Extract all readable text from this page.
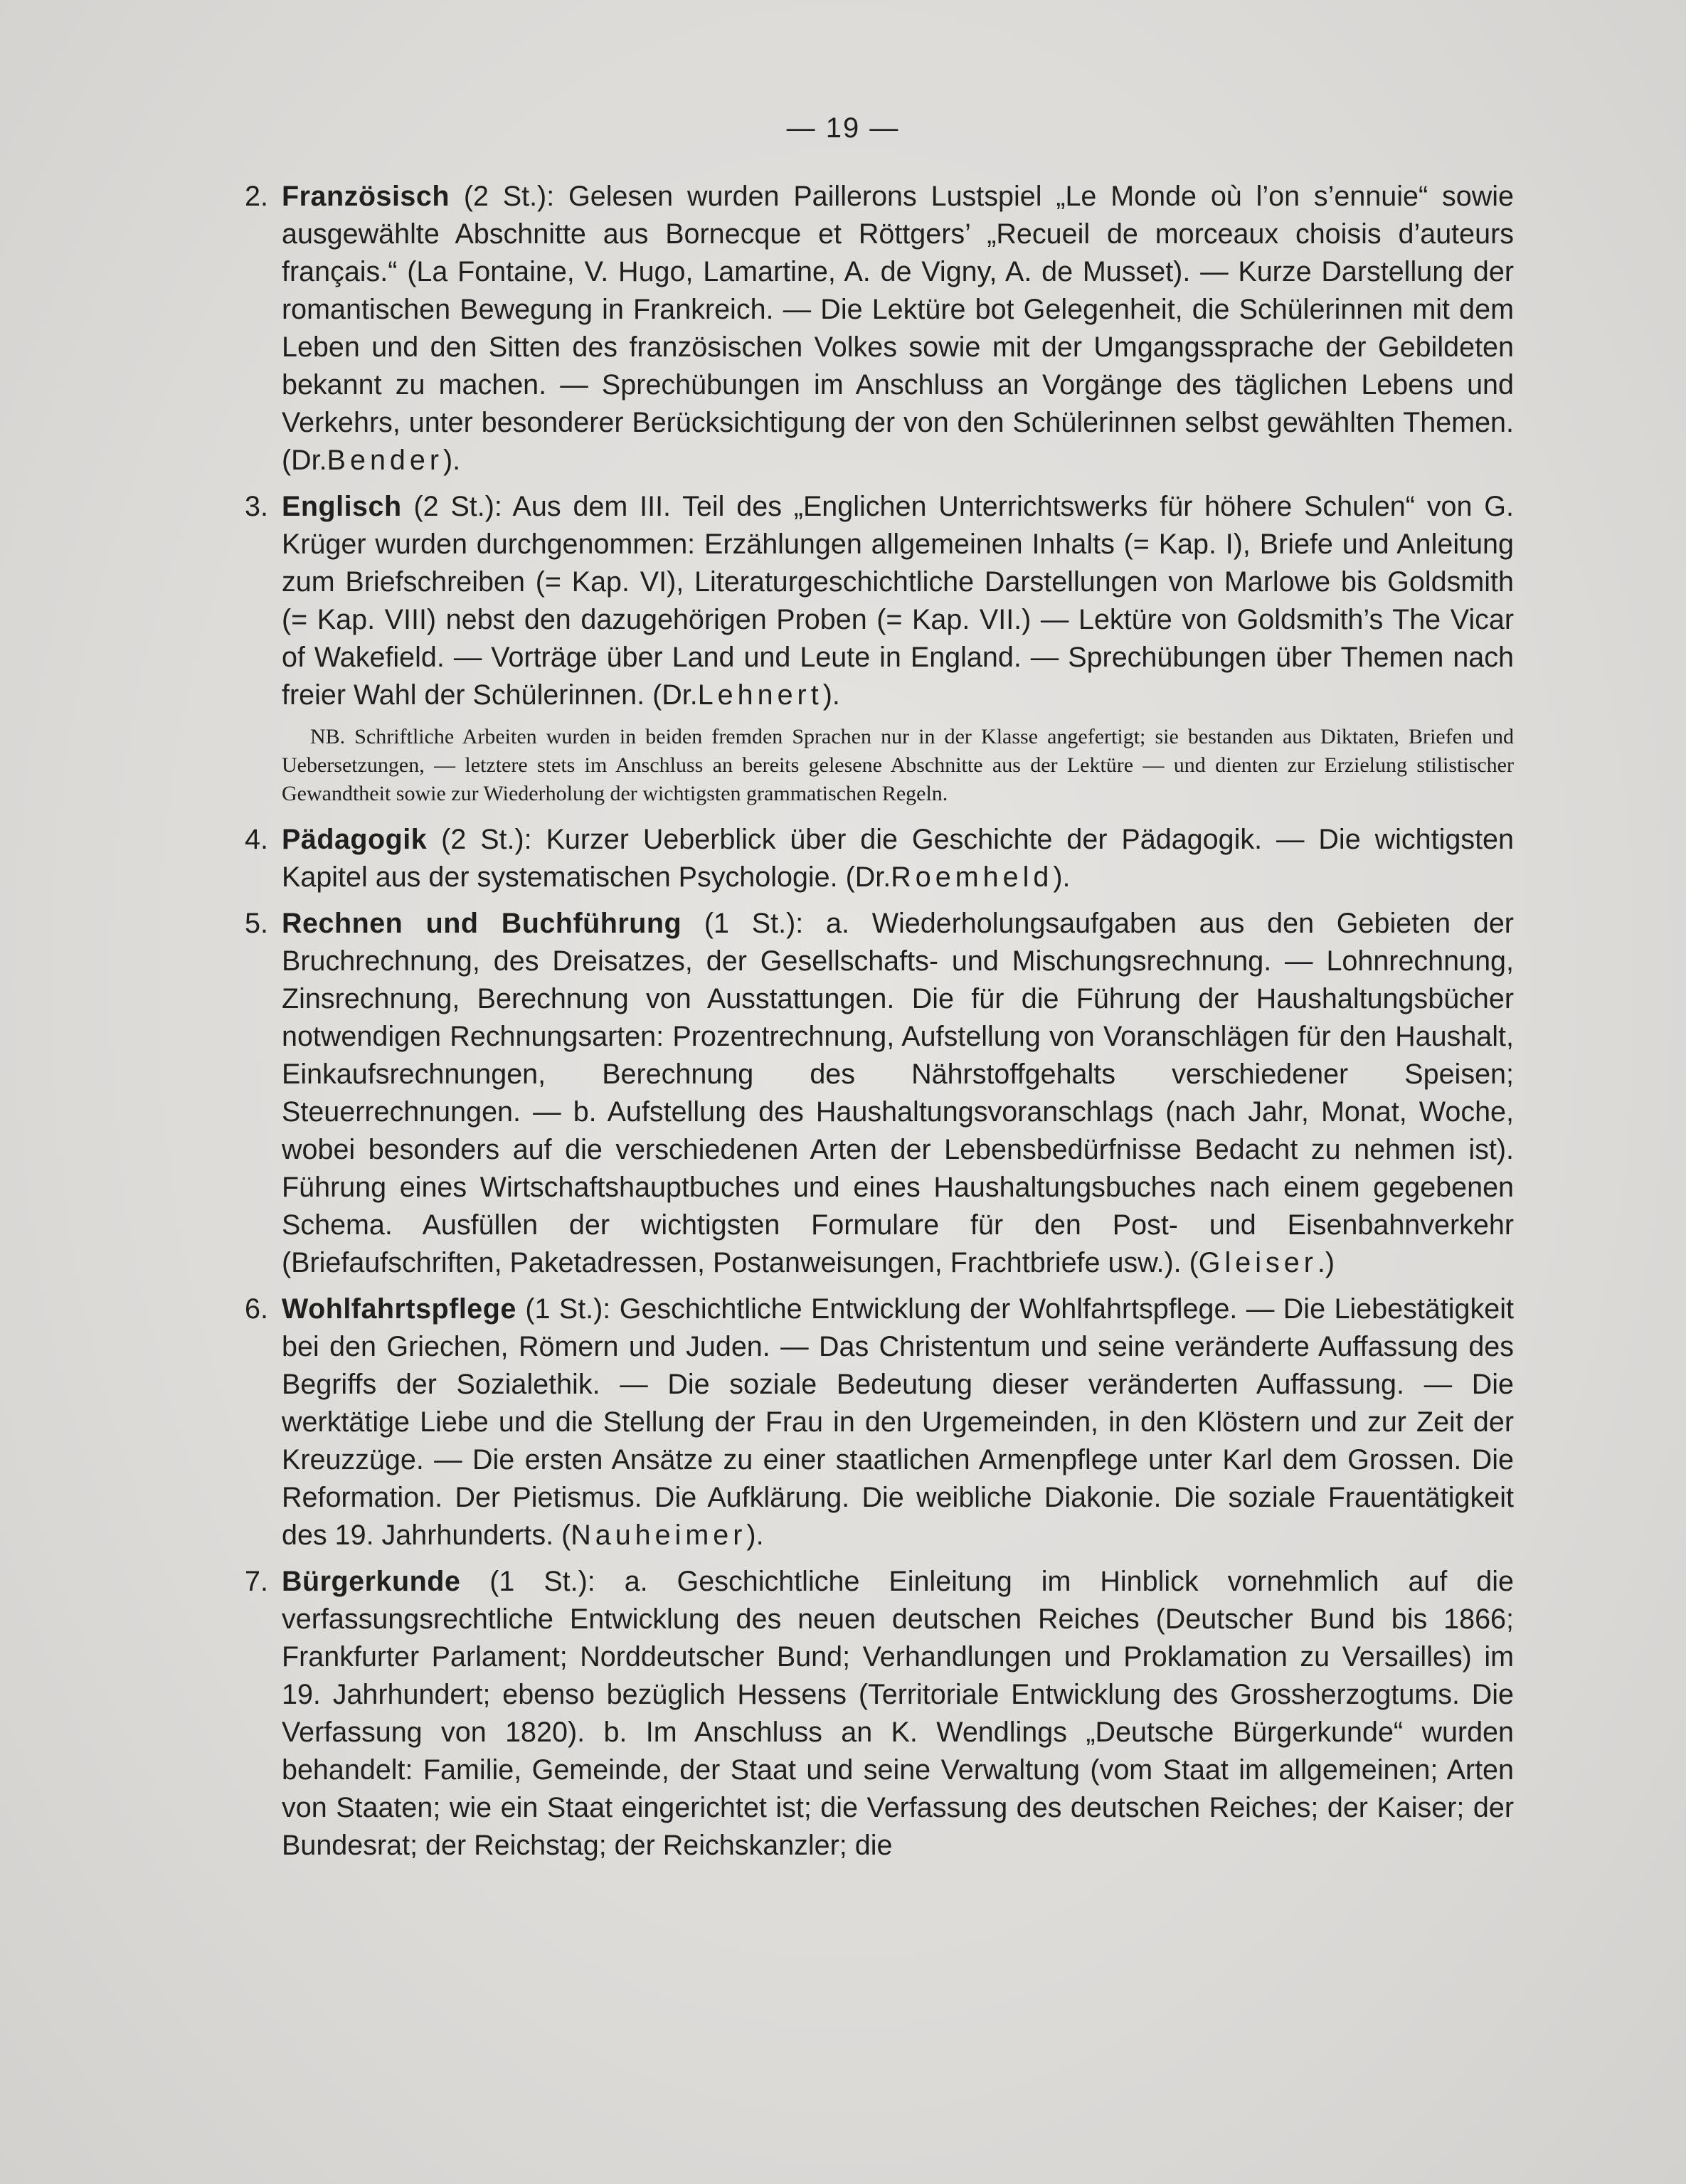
— 19 —
2. Französisch (2 St.): Gelesen wurden Paillerons Lustspiel „Le Monde où l’on s’ennuie“ sowie ausgewählte Abschnitte aus Bornecque et Röttgers’ „Recueil de morceaux choisis d’auteurs français.“ (La Fontaine, V. Hugo, Lamartine, A. de Vigny, A. de Musset). — Kurze Darstellung der romantischen Bewegung in Frankreich. — Die Lektüre bot Gelegenheit, die Schülerinnen mit dem Leben und den Sitten des französischen Volkes sowie mit der Umgangssprache der Gebildeten bekannt zu machen. — Sprechübungen im Anschluss an Vorgänge des täglichen Lebens und Verkehrs, unter besonderer Berücksichtigung der von den Schülerinnen selbst gewählten Themen. (Dr.Bender).
3. Englisch (2 St.): Aus dem III. Teil des „Englichen Unterrichtswerks für höhere Schulen“ von G. Krüger wurden durchgenommen: Erzählungen allgemeinen Inhalts (= Kap. I), Briefe und Anleitung zum Briefschreiben (= Kap. VI), Literaturgeschichtliche Darstellungen von Marlowe bis Goldsmith (= Kap. VIII) nebst den dazugehörigen Proben (= Kap. VII.) — Lektüre von Goldsmith’s The Vicar of Wakefield. — Vorträge über Land und Leute in England. — Sprechübungen über Themen nach freier Wahl der Schülerinnen. (Dr.Lehnert).
NB. Schriftliche Arbeiten wurden in beiden fremden Sprachen nur in der Klasse angefertigt; sie bestanden aus Diktaten, Briefen und Uebersetzungen, — letztere stets im Anschluss an bereits gelesene Abschnitte aus der Lektüre — und dienten zur Erzielung stilistischer Gewandtheit sowie zur Wiederholung der wichtigsten grammatischen Regeln.
4. Pädagogik (2 St.): Kurzer Ueberblick über die Geschichte der Pädagogik. — Die wichtigsten Kapitel aus der systematischen Psychologie. (Dr.Roemheld).
5. Rechnen und Buchführung (1 St.): a. Wiederholungsaufgaben aus den Gebieten der Bruchrechnung, des Dreisatzes, der Gesellschafts- und Mischungsrechnung. — Lohnrechnung, Zinsrechnung, Berechnung von Ausstattungen. Die für die Führung der Haushaltungsbücher notwendigen Rechnungsarten: Prozentrechnung, Aufstellung von Voranschlägen für den Haushalt, Einkaufsrechnungen, Berechnung des Nährstoffgehalts verschiedener Speisen; Steuerrechnungen. — b. Aufstellung des Haushaltungsvoranschlags (nach Jahr, Monat, Woche, wobei besonders auf die verschiedenen Arten der Lebensbedürfnisse Bedacht zu nehmen ist). Führung eines Wirtschaftshauptbuches und eines Haushaltungsbuches nach einem gegebenen Schema. Ausfüllen der wichtigsten Formulare für den Post- und Eisenbahnverkehr (Briefaufschriften, Paketadressen, Postanweisungen, Frachtbriefe usw.). (Gleiser.)
6. Wohlfahrtspflege (1 St.): Geschichtliche Entwicklung der Wohlfahrtspflege. — Die Liebestätigkeit bei den Griechen, Römern und Juden. — Das Christentum und seine veränderte Auffassung des Begriffs der Sozialethik. — Die soziale Bedeutung dieser veränderten Auffassung. — Die werktätige Liebe und die Stellung der Frau in den Urgemeinden, in den Klöstern und zur Zeit der Kreuzzüge. — Die ersten Ansätze zu einer staatlichen Armenpflege unter Karl dem Grossen. Die Reformation. Der Pietismus. Die Aufklärung. Die weibliche Diakonie. Die soziale Frauentätigkeit des 19. Jahrhunderts. (Nauheimer).
7. Bürgerkunde (1 St.): a. Geschichtliche Einleitung im Hinblick vornehmlich auf die verfassungsrechtliche Entwicklung des neuen deutschen Reiches (Deutscher Bund bis 1866; Frankfurter Parlament; Norddeutscher Bund; Verhandlungen und Proklamation zu Versailles) im 19. Jahrhundert; ebenso bezüglich Hessens (Territoriale Entwicklung des Grossherzogtums. Die Verfassung von 1820). b. Im Anschluss an K. Wendlings „Deutsche Bürgerkunde“ wurden behandelt: Familie, Gemeinde, der Staat und seine Verwaltung (vom Staat im allgemeinen; Arten von Staaten; wie ein Staat eingerichtet ist; die Verfassung des deutschen Reiches; der Kaiser; der Bundesrat; der Reichstag; der Reichskanzler; die
